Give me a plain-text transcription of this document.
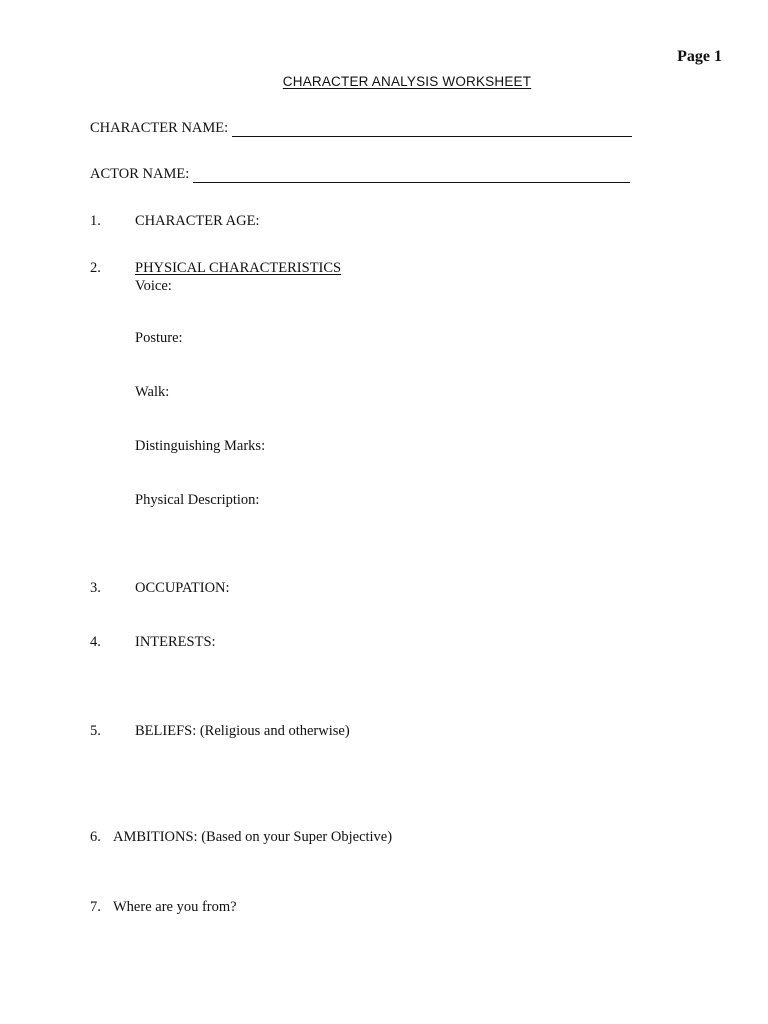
Page 1
CHARACTER ANALYSIS WORKSHEET
CHARACTER NAME:
ACTOR NAME:
1. CHARACTER AGE:
2. PHYSICAL CHARACTERISTICS
Voice:
Posture:
Walk:
Distinguishing Marks:
Physical Description:
3. OCCUPATION:
4. INTERESTS:
5. BELIEFS: (Religious and otherwise)
6. AMBITIONS: (Based on your Super Objective)
7. Where are you from?
